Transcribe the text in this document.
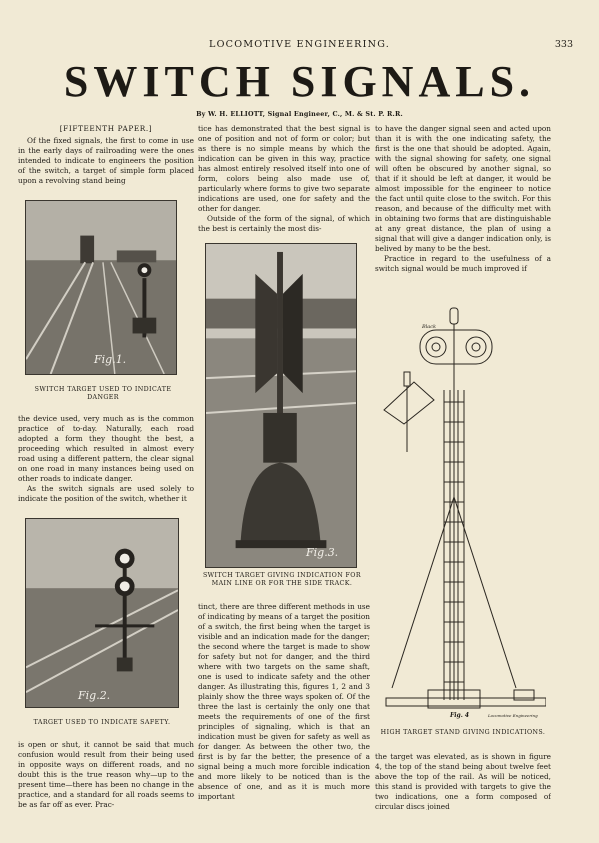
LOCOMOTIVE ENGINEERING.	333
SWITCH SIGNALS.
By W. H. ELLIOTT, Signal Engineer, C., M. & St. P. R.R.
[FIFTEENTH PAPER.]

Of the fixed signals, the first to come in use in the early days of railroading were the ones intended to indicate to engineers the position of the switch, a target of simple form placed upon a revolving stand being

Fig.1.
SWITCH TARGET USED TO INDICATE DANGER

the device used, very much as is the common practice of to-day. Naturally, each road adopted a form they thought the best, a proceeding which resulted in almost every road using a different pattern, the clear signal on one road in many instances being used on other roads to indicate danger.

As the switch signals are used solely to indicate the position of the switch, whether it

Fig.2.
TARGET USED TO INDICATE SAFETY.

is open or shut, it cannot be said that much confusion would result from their being used in opposite ways on different roads, and no doubt this is the true reason why—up to the present time—there has been no change in the practice, and a standard for all roads seems to be as far off as ever. Prac-

tice has demonstrated that the best signal is one of position and not of form or color; but as there is no simple means by which the indication can be given in this way, practice has almost entirely resolved itself into one of form, colors being also made use of, particularly where forms to give two separate indications are used, one for safety and the other for danger.

Outside of the form of the signal, of which the best is certainly the most dis-

Fig.3.
SWITCH TARGET GIVING INDICATION FOR MAIN LINE OR FOR THE SIDE TRACK.

tinct, there are three different methods in use of indicating by means of a target the position of a switch, the first being when the target is visible and an indication made for the danger; the second where the target is made to show for safety but not for danger, and the third where with two targets on the same shaft, one is used to indicate safety and the other danger. As illustrating this, figures 1, 2 and 3 plainly show the three ways spoken of. Of the three the last is certainly the only one that meets the requirements of one of the first principles of signaling, which is that an indication must be given for safety as well as for danger. As between the other two, the first is by far the better, the presence of a signal being a much more forcible indication and more likely to be noticed than is the absence of one, and as it is much more important

to have the danger signal seen and acted upon than it is with the one indicating safety, the first is the one that should be adopted. Again, with the signal showing for safety, one signal will often be obscured by another signal, so that if it should be left at danger, it would be almost impossible for the engineer to notice the fact until quite close to the switch. For this reason, and because of the difficulty met with in obtaining two forms that are distinguishable at any great distance, the plan of using a signal that will give a danger indication only, is belived by many to be the best.

Practice in regard to the usefulness of a switch signal would be much improved if

Black
Fig. 4	Locomotive Engineering
HIGH TARGET STAND GIVING INDICATIONS.

the target was elevated, as is shown in figure 4, the top of the stand being about twelve feet above the top of the rail. As will be noticed, this stand is provided with targets to give the two indications, one a form composed of circular discs joined
